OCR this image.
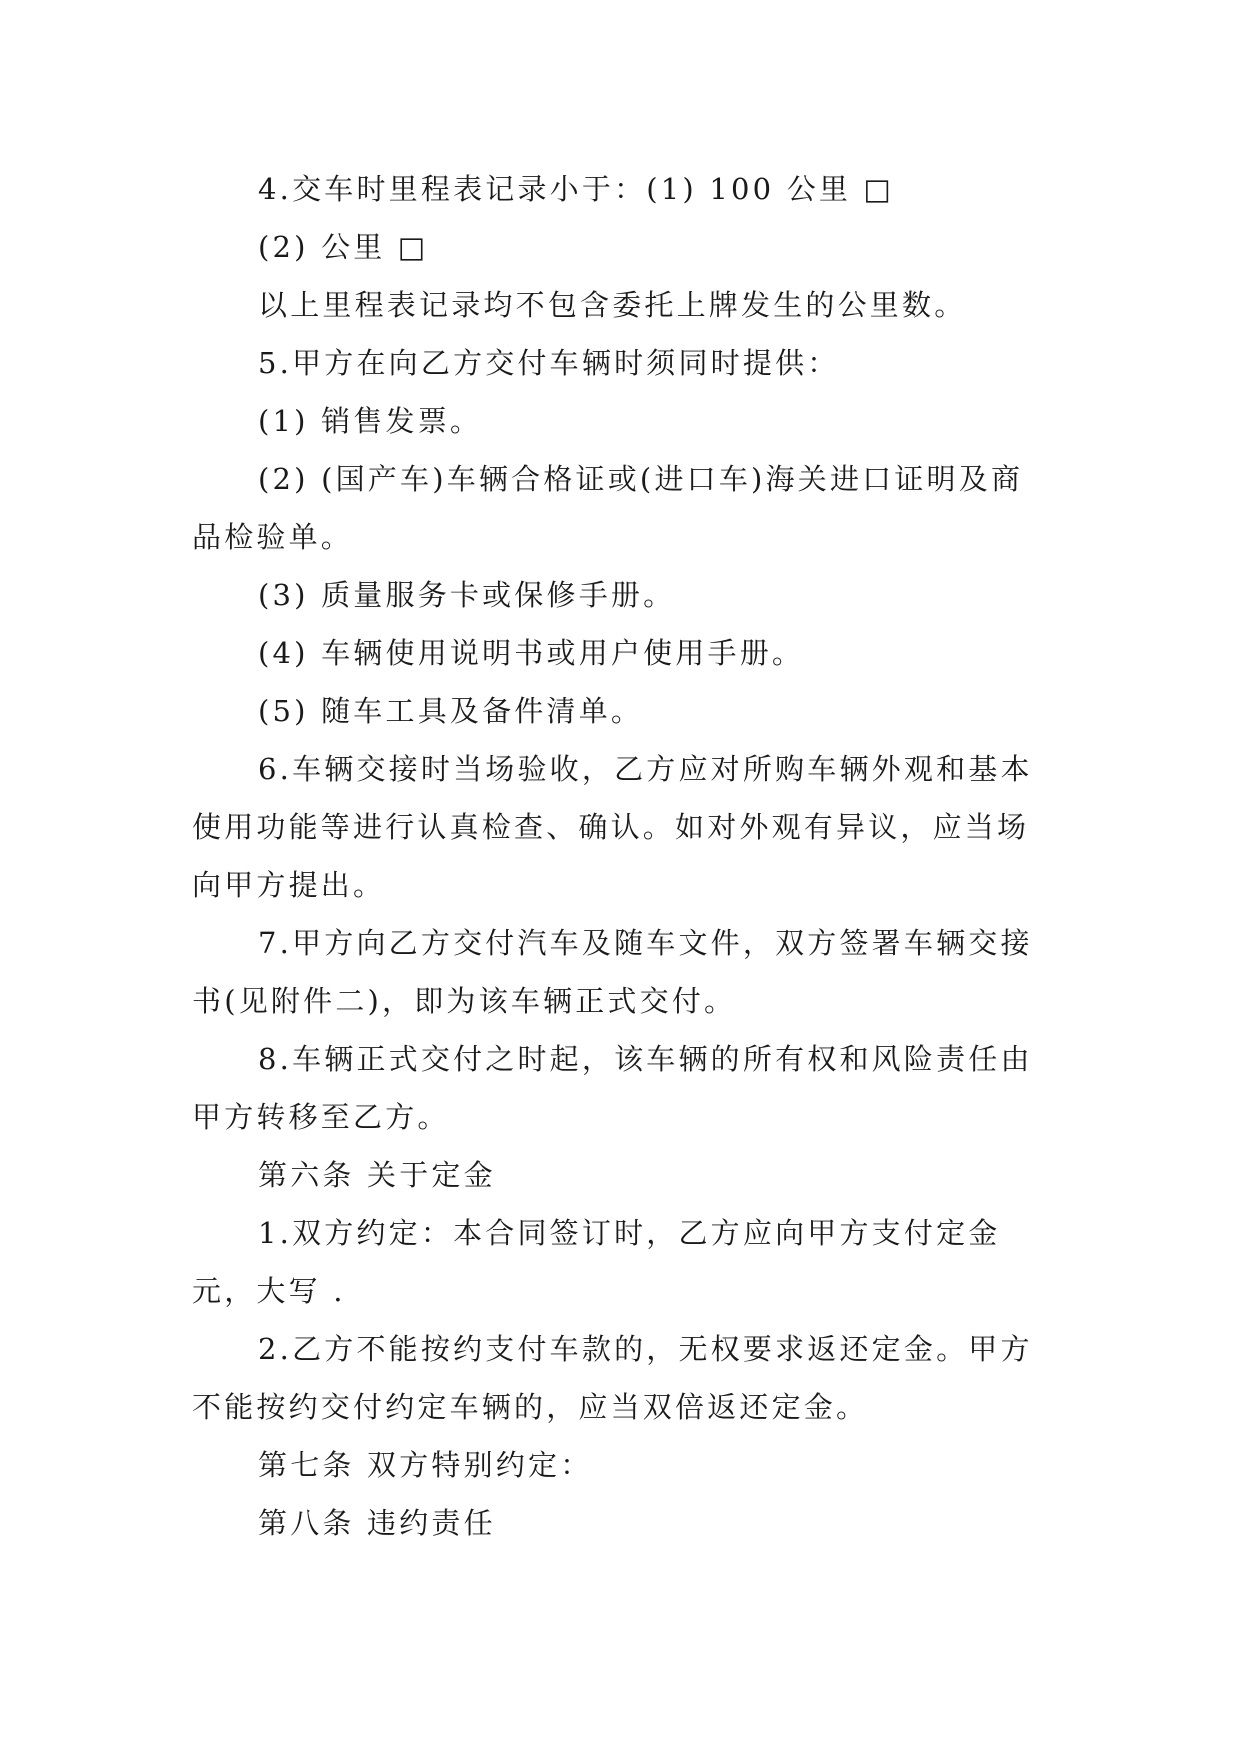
4.交车时里程表记录小于：(1) 100 公里 □

(2) 公里 □

以上里程表记录均不包含委托上牌发生的公里数。

5.甲方在向乙方交付车辆时须同时提供：

(1) 销售发票。

(2) (国产车)车辆合格证或(进口车)海关进口证明及商品检验单。

(3) 质量服务卡或保修手册。

(4) 车辆使用说明书或用户使用手册。

(5) 随车工具及备件清单。

6.车辆交接时当场验收，乙方应对所购车辆外观和基本使用功能等进行认真检查、确认。如对外观有异议，应当场向甲方提出。

7.甲方向乙方交付汽车及随车文件，双方签署车辆交接书(见附件二)，即为该车辆正式交付。

8.车辆正式交付之时起，该车辆的所有权和风险责任由甲方转移至乙方。

第六条 关于定金

1.双方约定：本合同签订时，乙方应向甲方支付定金元，大写 .

2.乙方不能按约支付车款的，无权要求返还定金。甲方不能按约交付约定车辆的，应当双倍返还定金。

第七条 双方特别约定：

第八条 违约责任
